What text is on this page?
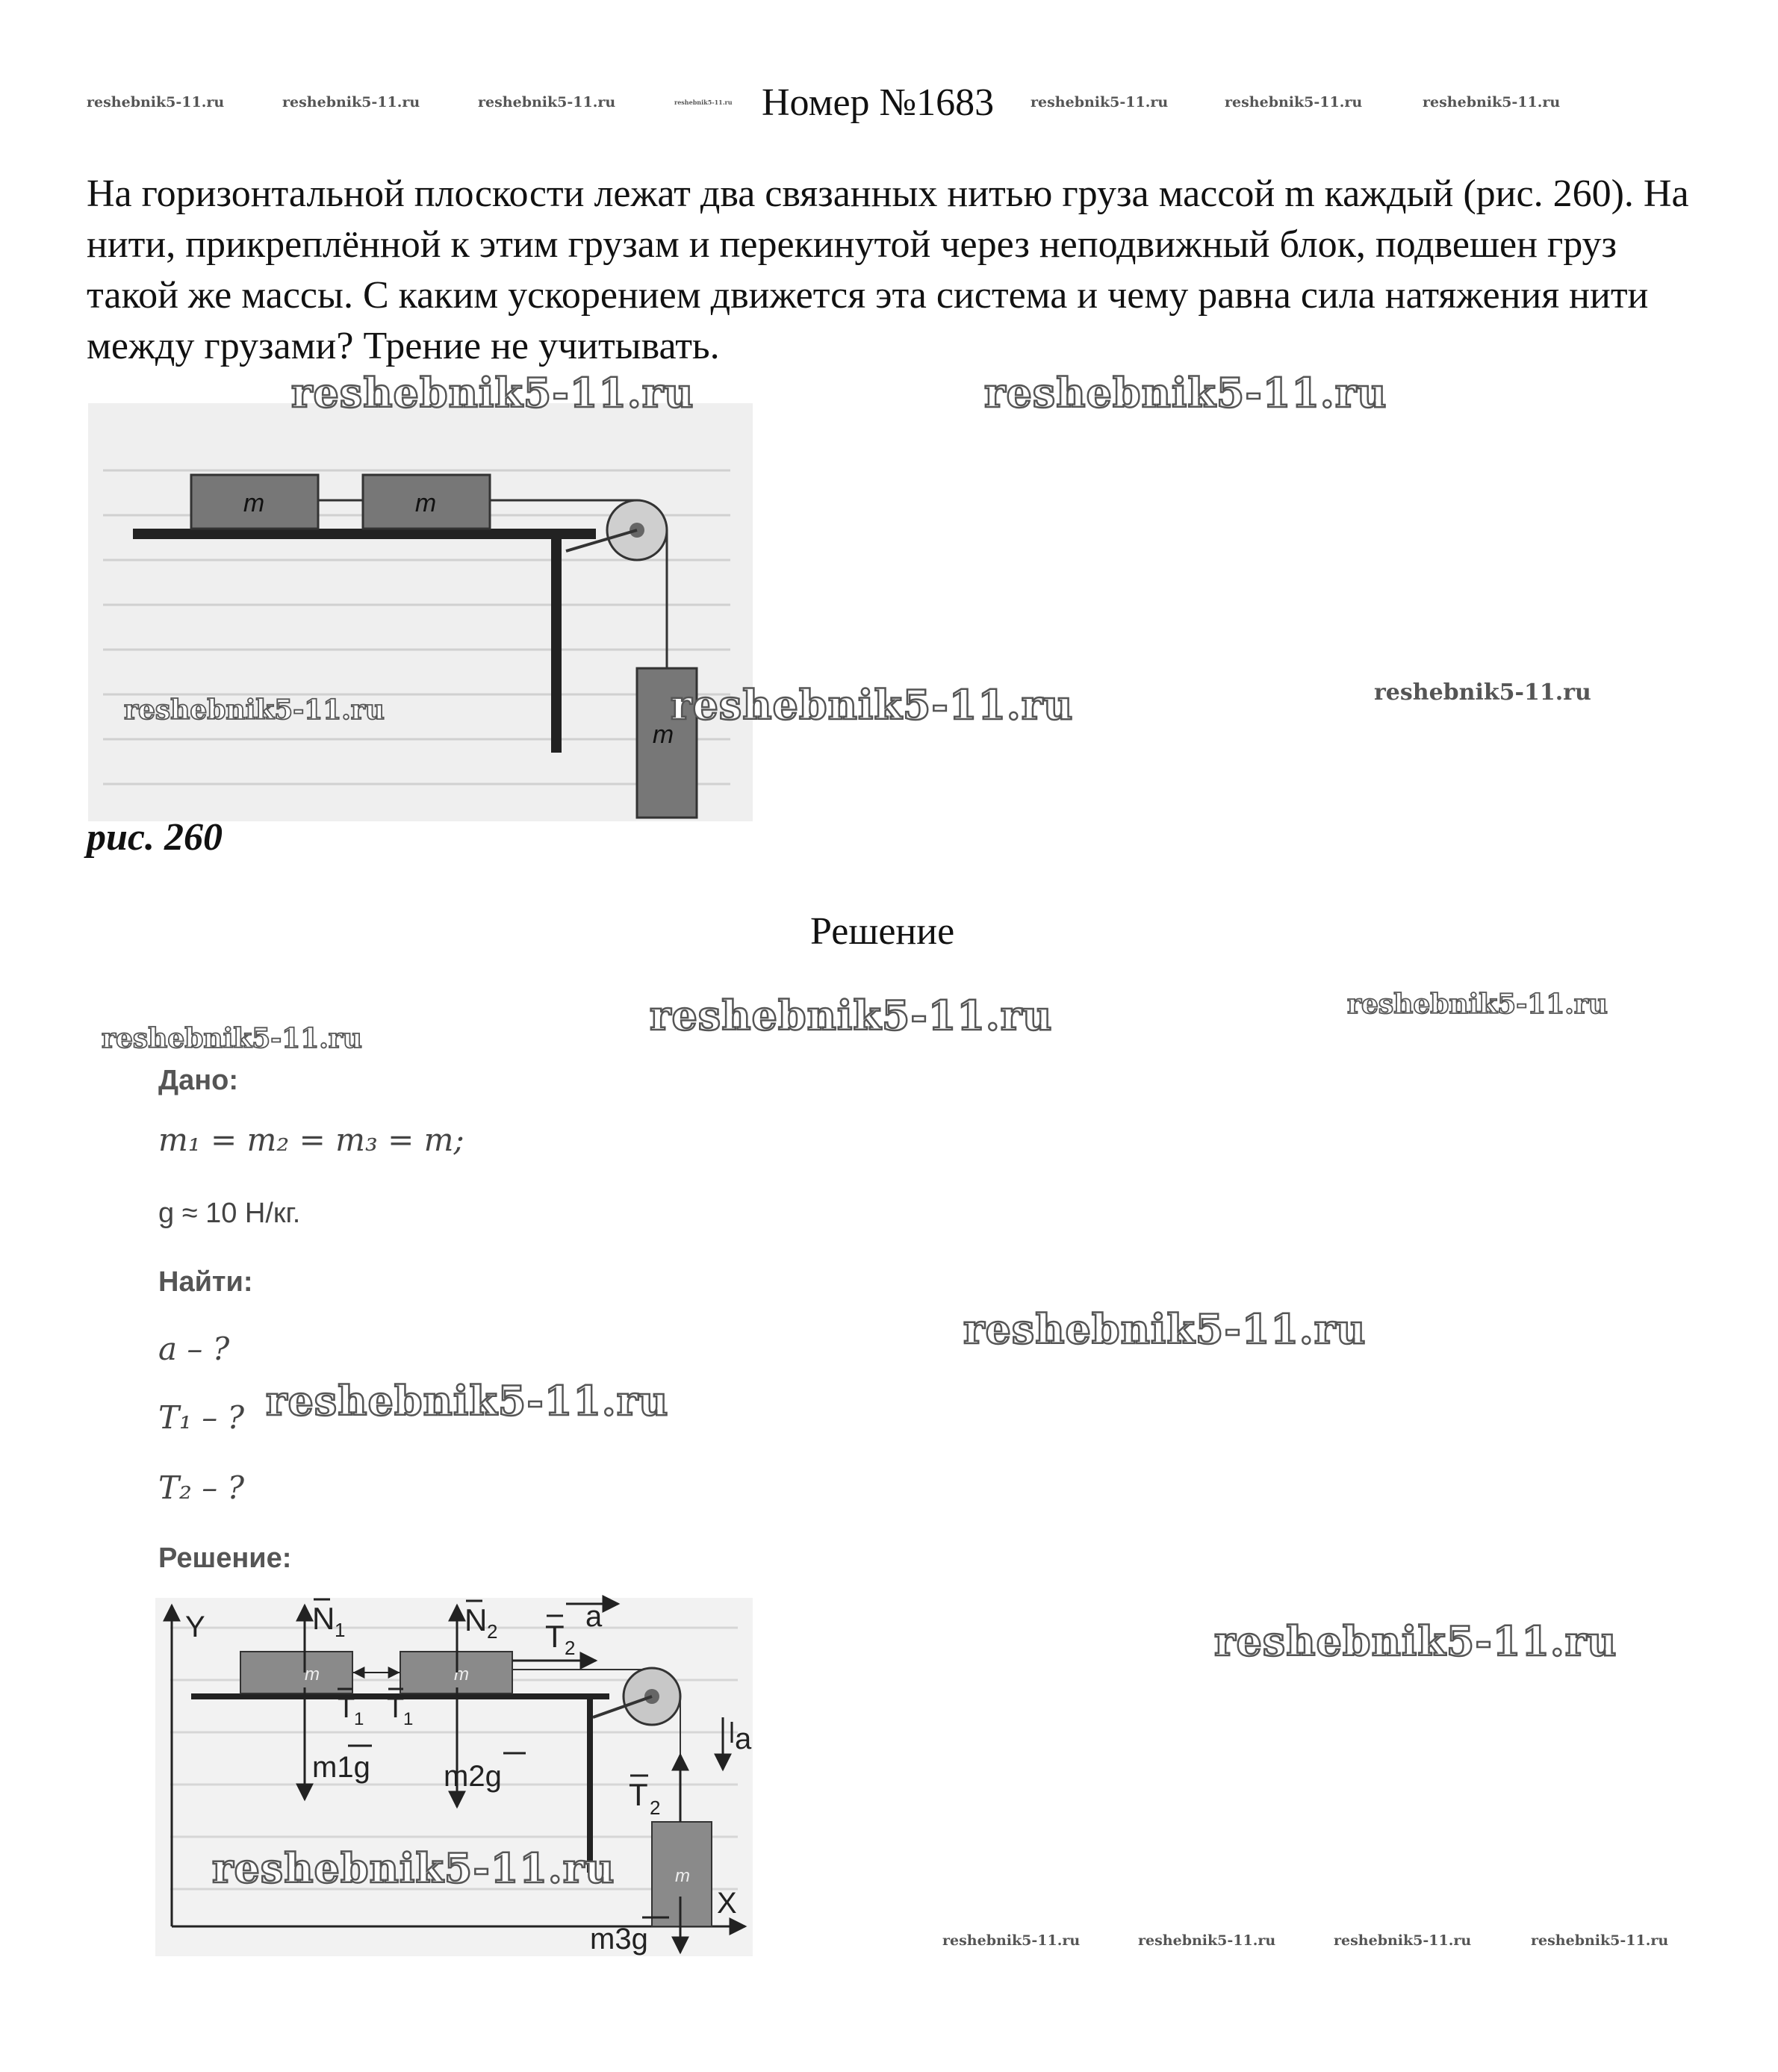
reshebnik5-11.ru	reshebnik5-11.ru	reshebnik5-11.ru	reshebnik5-11.ru	reshebnik5-11.ru	reshebnik5-11.ru	reshebnik5-11.ru
Номер №1683
На горизонтальной плоскости лежат два связанных нитью груза массой m каждый (рис. 260). На нити, прикреплённой к этим грузам и перекинутой через неподвижный блок, подвешен груз такой же массы. С каким ускорением движется эта система и чему равна сила натяжения нити между грузами? Трение не учитывать.
m	m
m
reshebnik5-11.ru	reshebnik5-11.ru
reshebnik5-11.ru	reshebnik5-11.ru	reshebnik5-11.ru
рис. 260
Решение
reshebnik5-11.ru	reshebnik5-11.ru
reshebnik5-11.ru
Дано:
m₁ = m₂ = m₃ = m;
g ≈ 10 Н/кг.
Найти:
a – ?
T₁ – ?
T₂ – ?
Решение:
reshebnik5-11.ru
reshebnik5-11.ru
Y
X
m	m
m
N 1	N 2 T 2
a
T
1 T
1
m1g m2g
T 2
a
m3g
reshebnik5-11.ru
reshebnik5-11.ru
reshebnik5-11.ru	reshebnik5-11.ru	reshebnik5-11.ru	reshebnik5-11.ru
